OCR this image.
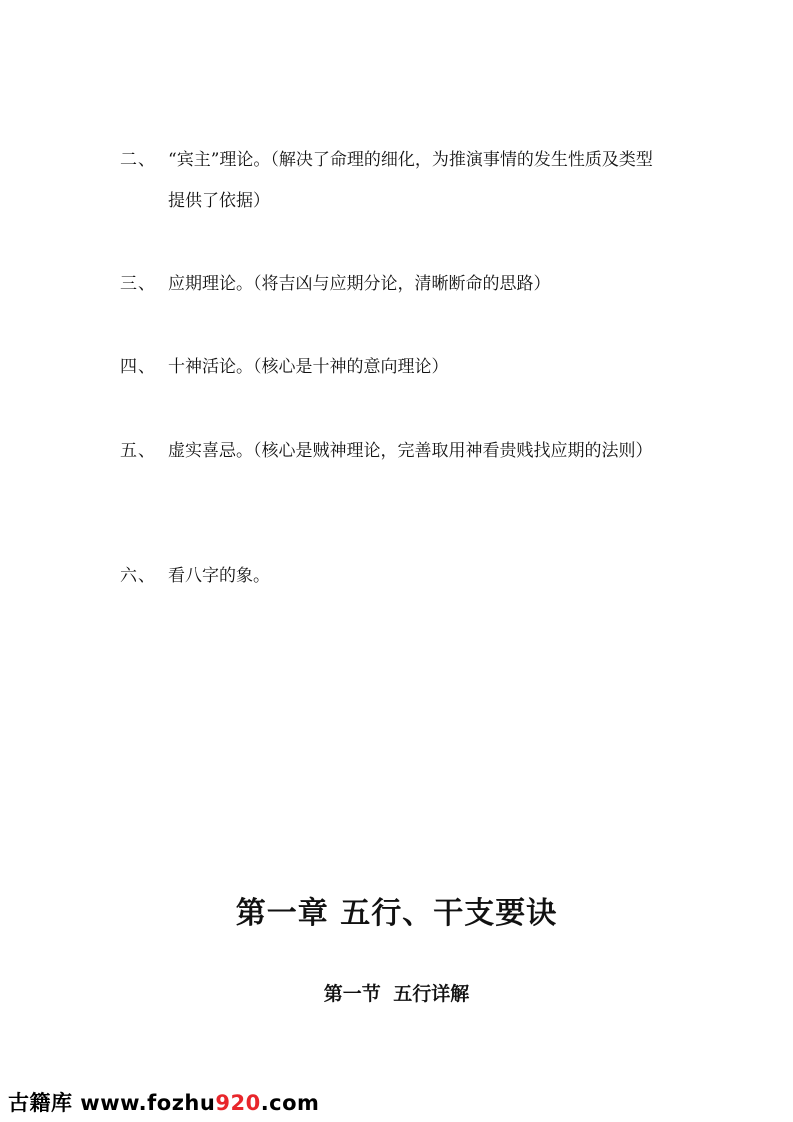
二、 “宾主”理论。（解决了命理的细化，为推演事情的发生性质及类型提供了依据）
三、 应期理论。（将吉凶与应期分论，清晰断命的思路）
四、 十神活论。（核心是十神的意向理论）
五、 虚实喜忌。（核心是贼神理论，完善取用神看贵贱找应期的法则）
六、 看八字的象。
第一章 五行、干支要诀
第一节 五行详解
古籍库 www.fozhu920.com
